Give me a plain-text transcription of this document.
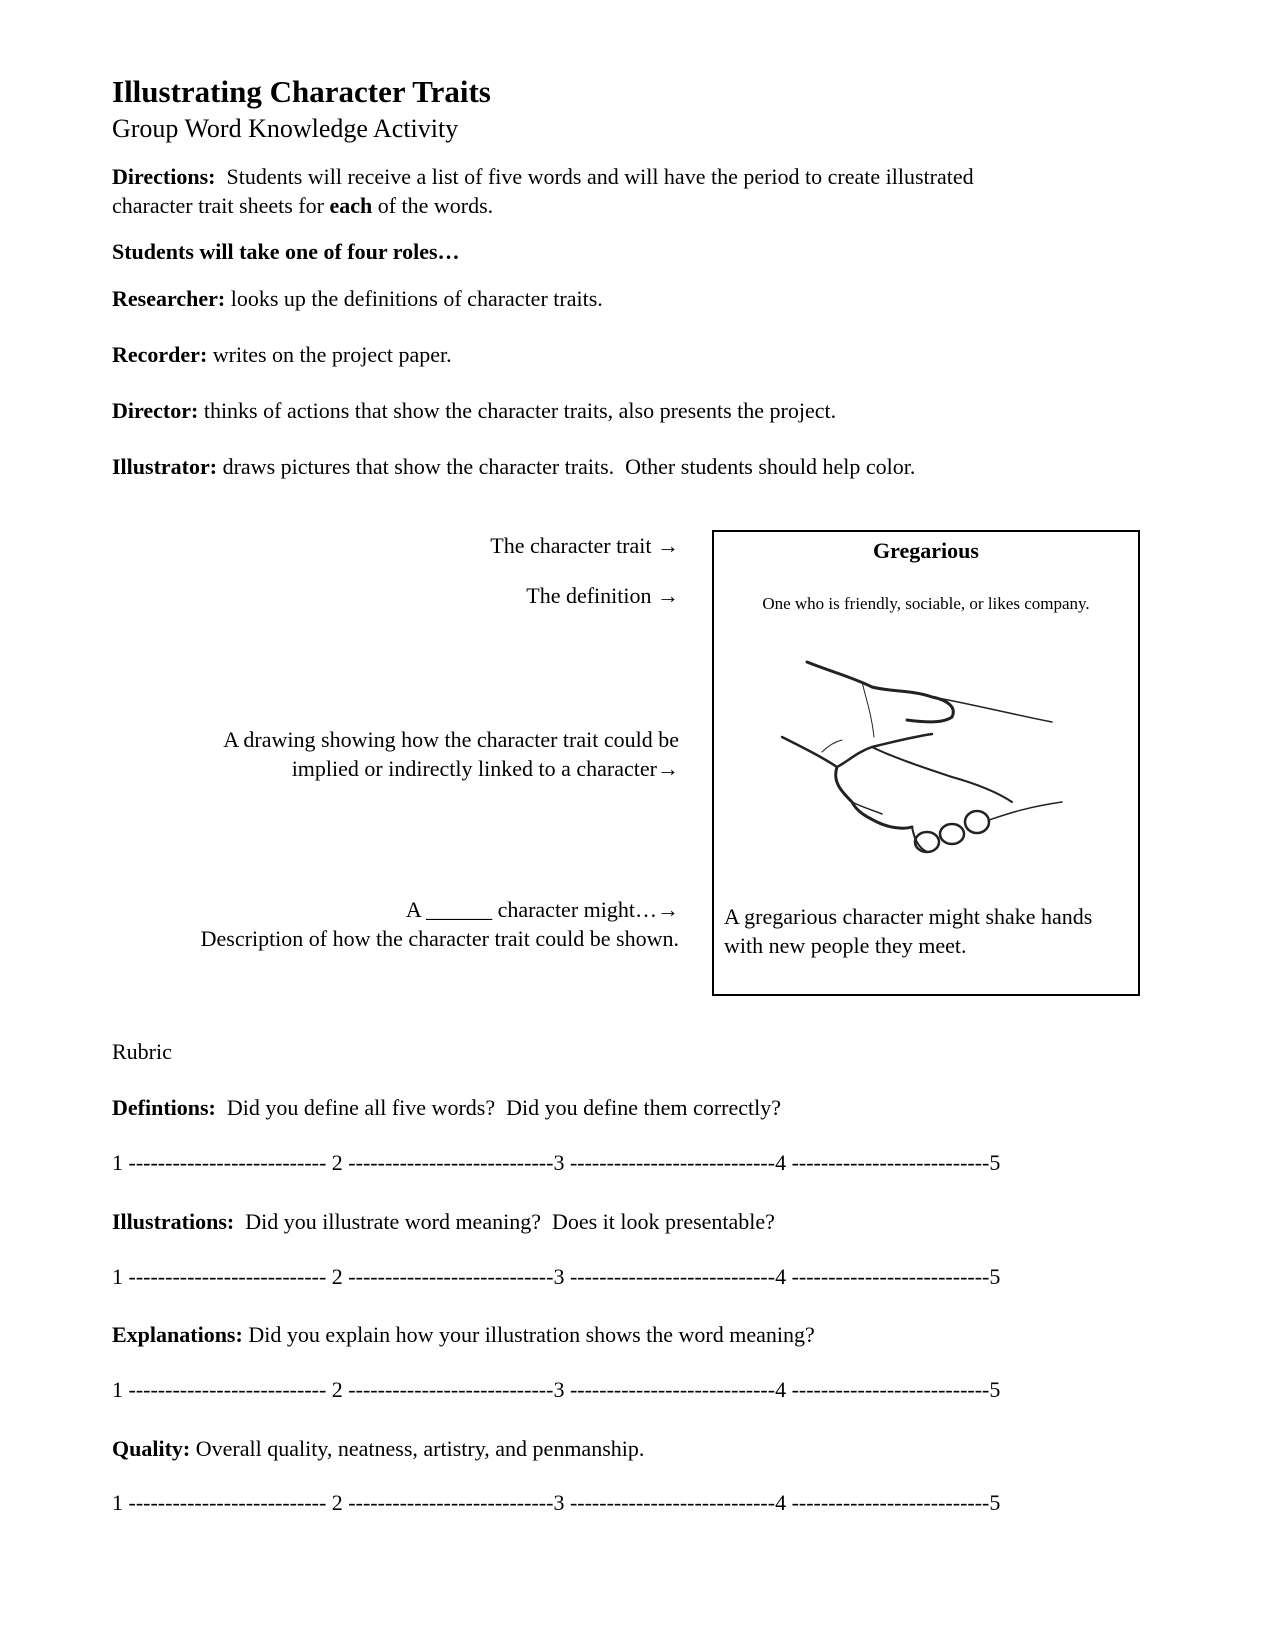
Illustrating Character Traits
Group Word Knowledge Activity
Directions:  Students will receive a list of five words and will have the period to create illustrated
character trait sheets for each of the words.
Students will take one of four roles…
Researcher: looks up the definitions of character traits.
Recorder: writes on the project paper.
Director: thinks of actions that show the character traits, also presents the project.
Illustrator: draws pictures that show the character traits.  Other students should help color.
The character trait →
The definition →
A drawing showing how the character trait could be
implied or indirectly linked to a character→
A ______ character might…→
Description of how the character trait could be shown.
Gregarious
One who is friendly, sociable, or likes company.
A gregarious character might shake hands with new people they meet.
Rubric
Defintions:  Did you define all five words?  Did you define them correctly?
1 --------------------------- 2 ----------------------------3 ----------------------------4 ---------------------------5
Illustrations:  Did you illustrate word meaning?  Does it look presentable?
1 --------------------------- 2 ----------------------------3 ----------------------------4 ---------------------------5
Explanations: Did you explain how your illustration shows the word meaning?
1 --------------------------- 2 ----------------------------3 ----------------------------4 ---------------------------5
Quality: Overall quality, neatness, artistry, and penmanship.
1 --------------------------- 2 ----------------------------3 ----------------------------4 ---------------------------5
